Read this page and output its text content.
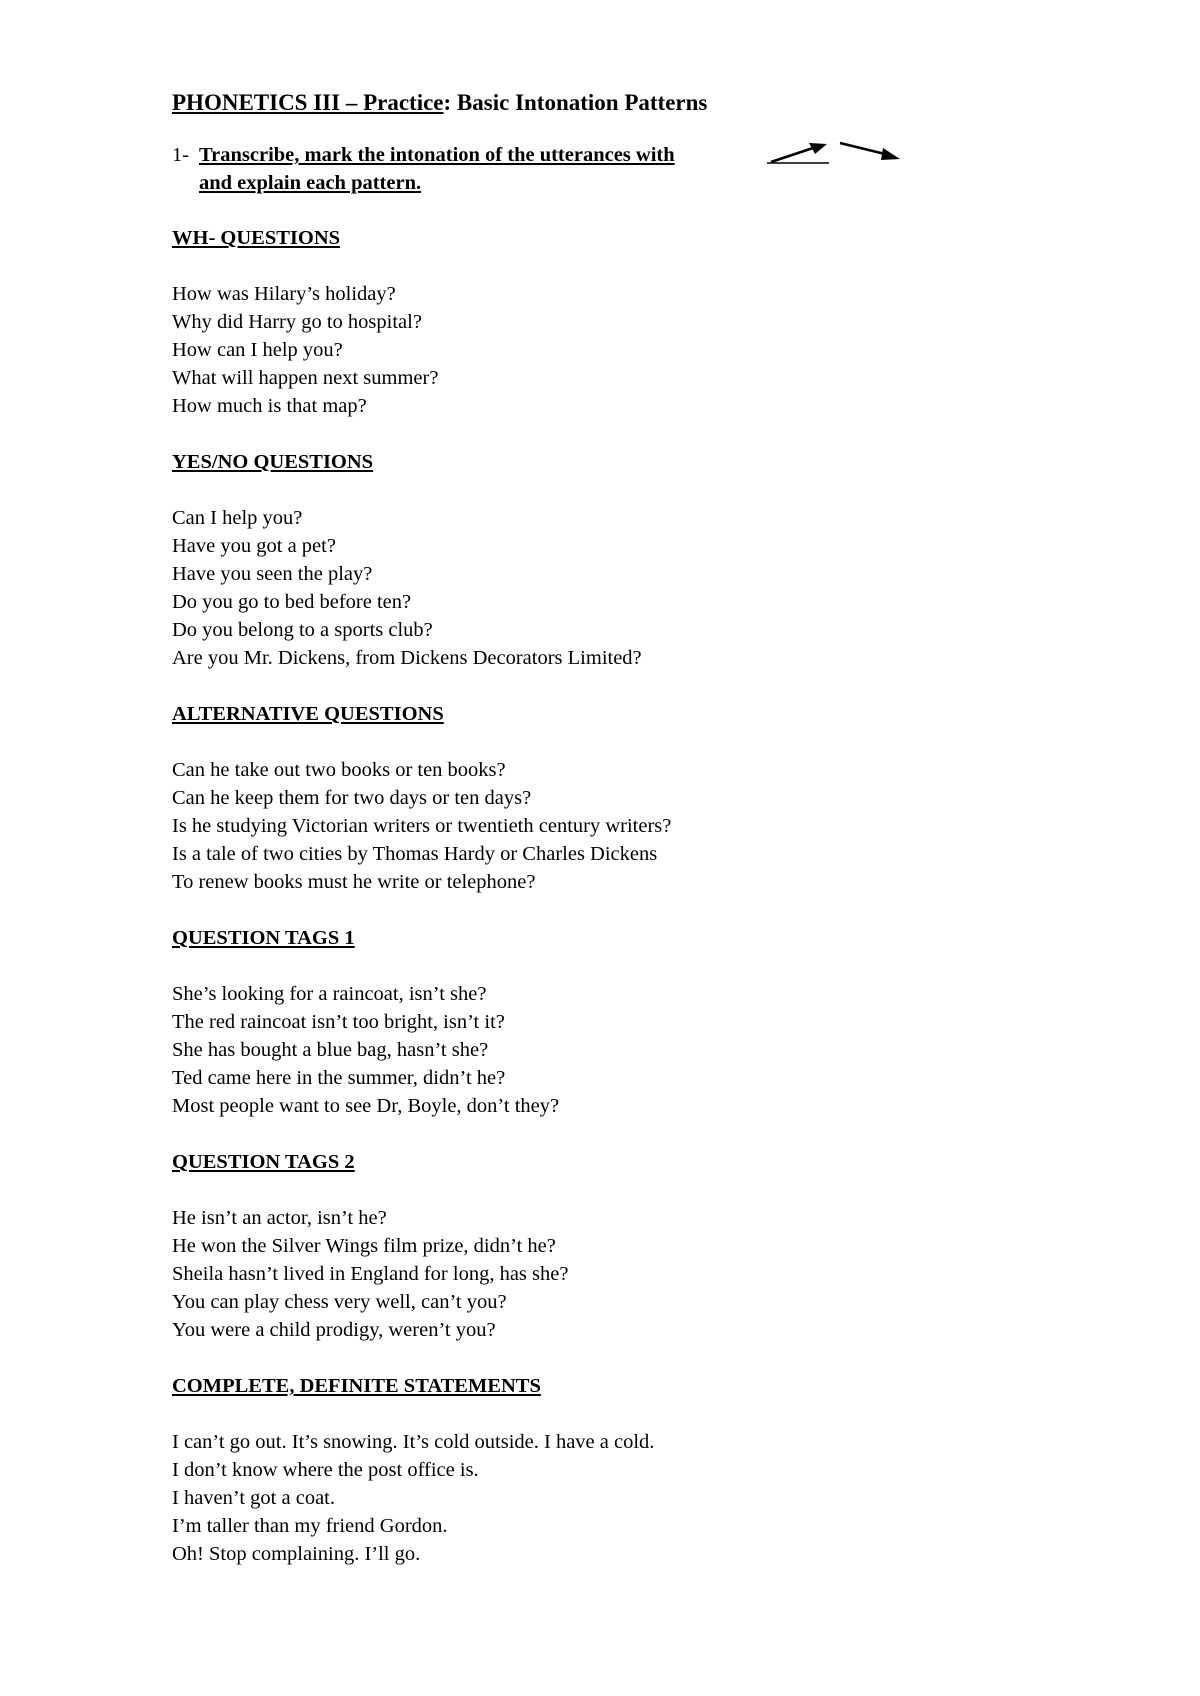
PHONETICS III – Practice: Basic Intonation Patterns
1- Transcribe, mark the intonation of the utterances with
and explain each pattern.
WH- QUESTIONS
How was Hilary’s holiday?
Why did Harry go to hospital?
How can I help you?
What will happen next summer?
How much is that map?
YES/NO QUESTIONS
Can I help you?
Have you got a pet?
Have you seen the play?
Do you go to bed before ten?
Do you belong to a sports club?
Are you Mr. Dickens, from Dickens Decorators Limited?
ALTERNATIVE QUESTIONS
Can he take out two books or ten books?
Can he keep them for two days or ten days?
Is he studying Victorian writers or twentieth century writers?
Is a tale of two cities by Thomas Hardy or Charles Dickens
To renew books must he write or telephone?
QUESTION TAGS 1
She’s looking for a raincoat, isn’t she?
The red raincoat isn’t too bright, isn’t it?
She has bought a blue bag, hasn’t she?
Ted came here in the summer, didn’t he?
Most people want to see Dr, Boyle, don’t they?
QUESTION TAGS 2
He isn’t an actor, isn’t he?
He won the Silver Wings film prize, didn’t he?
Sheila hasn’t lived in England for long, has she?
You can play chess very well, can’t you?
You were a child prodigy, weren’t you?
COMPLETE, DEFINITE STATEMENTS
I can’t go out. It’s snowing. It’s cold outside. I have a cold.
I don’t know where the post office is.
I haven’t got a coat.
I’m taller than my friend Gordon.
Oh! Stop complaining. I’ll go.
